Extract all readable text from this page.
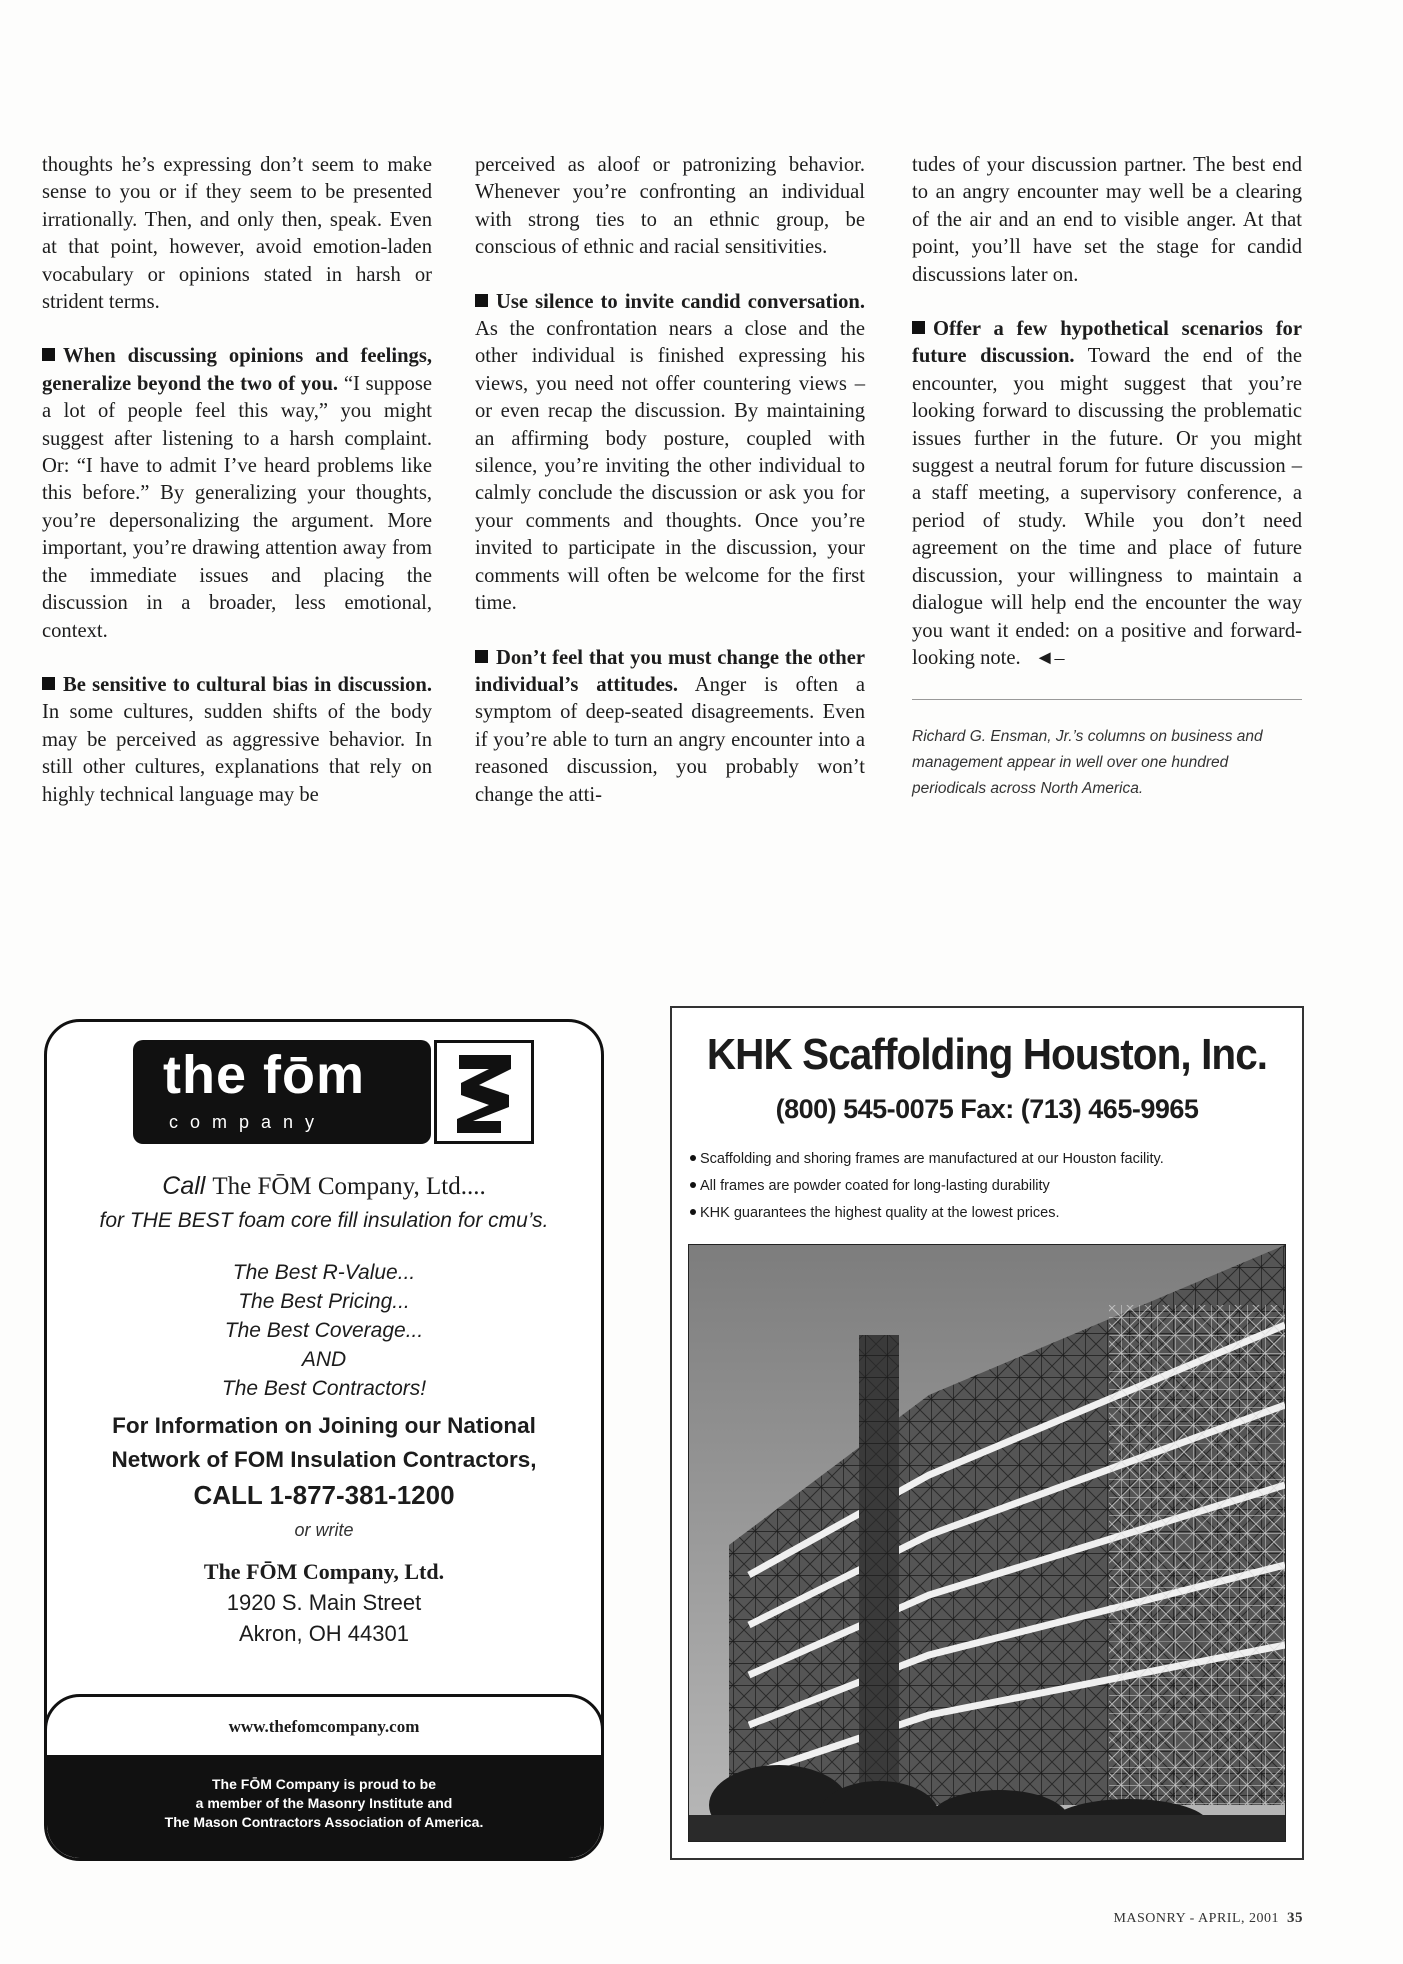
thoughts he’s expressing don’t seem to make sense to you or if they seem to be presented irrationally. Then, and only then, speak. Even at that point, however, avoid emotion-laden vocabulary or opinions stated in harsh or strident terms.

When discussing opinions and feelings, generalize beyond the two of you. “I suppose a lot of people feel this way,” you might suggest after listening to a harsh complaint. Or: “I have to admit I’ve heard problems like this before.” By generalizing your thoughts, you’re depersonalizing the argument. More important, you’re drawing attention away from the immediate issues and placing the discussion in a broader, less emotional, context.

Be sensitive to cultural bias in discussion. In some cultures, sudden shifts of the body may be perceived as aggressive behavior. In still other cultures, explanations that rely on highly technical language may be

perceived as aloof or patronizing behavior. Whenever you’re confronting an individual with strong ties to an ethnic group, be conscious of ethnic and racial sensitivities.

Use silence to invite candid conversation. As the confrontation nears a close and the other individual is finished expressing his views, you need not offer countering views – or even recap the discussion. By maintaining an affirming body posture, coupled with silence, you’re inviting the other individual to calmly conclude the discussion or ask you for your comments and thoughts. Once you’re invited to participate in the discussion, your comments will often be welcome for the first time.

Don’t feel that you must change the other individual’s attitudes. Anger is often a symptom of deep-seated disagreements. Even if you’re able to turn an angry encounter into a reasoned discussion, you probably won’t change the atti-

tudes of your discussion partner. The best end to an angry encounter may well be a clearing of the air and an end to visible anger. At that point, you’ll have set the stage for candid discussions later on.

Offer a few hypothetical scenarios for future discussion. Toward the end of the encounter, you might suggest that you’re looking forward to discussing the problematic issues further in the future. Or you might suggest a neutral forum for future discussion – a staff meeting, a supervisory conference, a period of study. While you don’t need agreement on the time and place of future discussion, your willingness to maintain a dialogue will help end the encounter the way you want it ended: on a positive and forward-looking note. ◄–

Richard G. Ensman, Jr.’s columns on business and management appear in well over one hundred periodicals across North America.

the fōm
company
Call The FŌM Company, Ltd....
for THE BEST foam core fill insulation for cmu’s.
The Best R-Value...
The Best Pricing...
The Best Coverage...
AND
The Best Contractors!
For Information on Joining our National Network of FOM Insulation Contractors,
CALL 1-877-381-1200
or write
The FŌM Company, Ltd.
1920 S. Main Street
Akron, OH 44301
www.thefomcompany.com
The FŌM Company is proud to be
a member of the Masonry Institute and
The Mason Contractors Association of America.
KHK Scaffolding Houston, Inc.
(800) 545-0075 Fax: (713) 465-9965
Scaffolding and shoring frames are manufactured at our Houston facility.
All frames are powder coated for long-lasting durability
KHK guarantees the highest quality at the lowest prices.
MASONRY - APRIL, 2001 35
